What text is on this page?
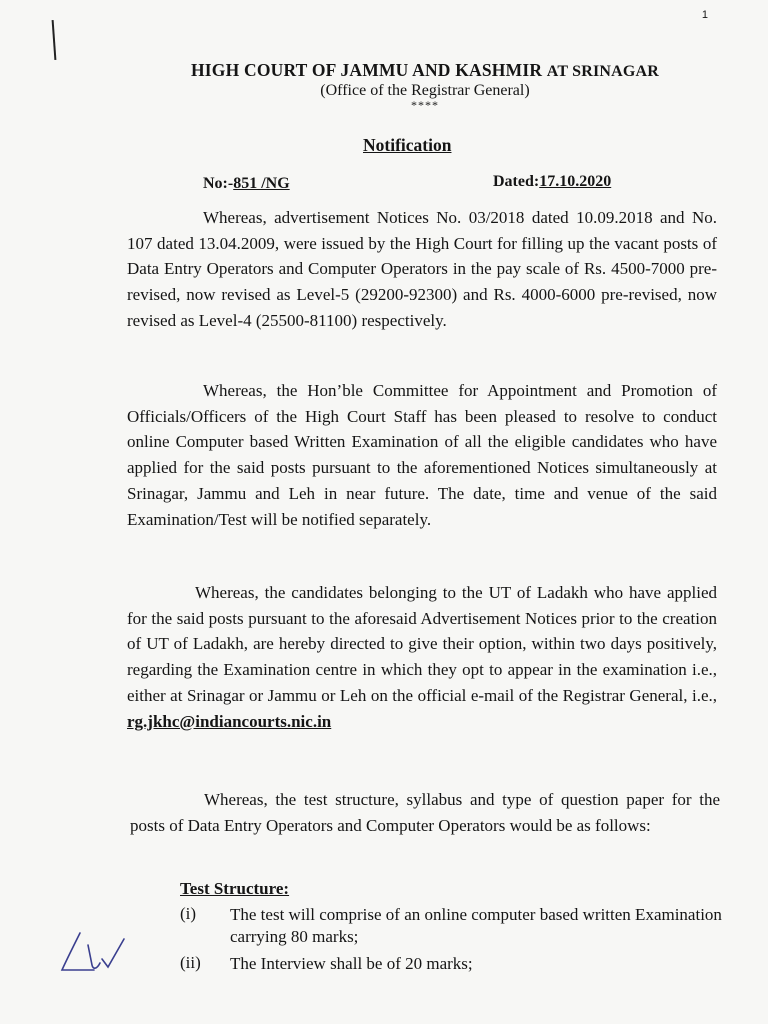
1
HIGH COURT OF JAMMU AND KASHMIR AT SRINAGAR
(Office of the Registrar General)
****
Notification
No:-851 /NG	Dated:17.10.2020

Whereas, advertisement Notices No. 03/2018 dated 10.09.2018 and No. 107 dated 13.04.2009, were issued by the High Court for filling up the vacant posts of Data Entry Operators and Computer Operators in the pay scale of Rs. 4500-7000 pre-revised, now revised as Level-5 (29200-92300) and Rs. 4000-6000 pre-revised, now revised as Level-4 (25500-81100) respectively.

Whereas, the Hon’ble Committee for Appointment and Promotion of Officials/Officers of the High Court Staff has been pleased to resolve to conduct online Computer based Written Examination of all the eligible candidates who have applied for the said posts pursuant to the aforementioned Notices simultaneously at Srinagar, Jammu and Leh in near future. The date, time and venue of the said Examination/Test will be notified separately.

Whereas, the candidates belonging to the UT of Ladakh who have applied for the said posts pursuant to the aforesaid Advertisement Notices prior to the creation of UT of Ladakh, are hereby directed to give their option, within two days positively, regarding the Examination centre in which they opt to appear in the examination i.e., either at Srinagar or Jammu or Leh on the official e-mail of the Registrar General, i.e., rg.jkhc@indiancourts.nic.in

Whereas, the test structure, syllabus and type of question paper for the posts of Data Entry Operators and Computer Operators would be as follows:

Test Structure:
(i) The test will comprise of an online computer based written Examination carrying 80 marks;
(ii) The Interview shall be of 20 marks;
